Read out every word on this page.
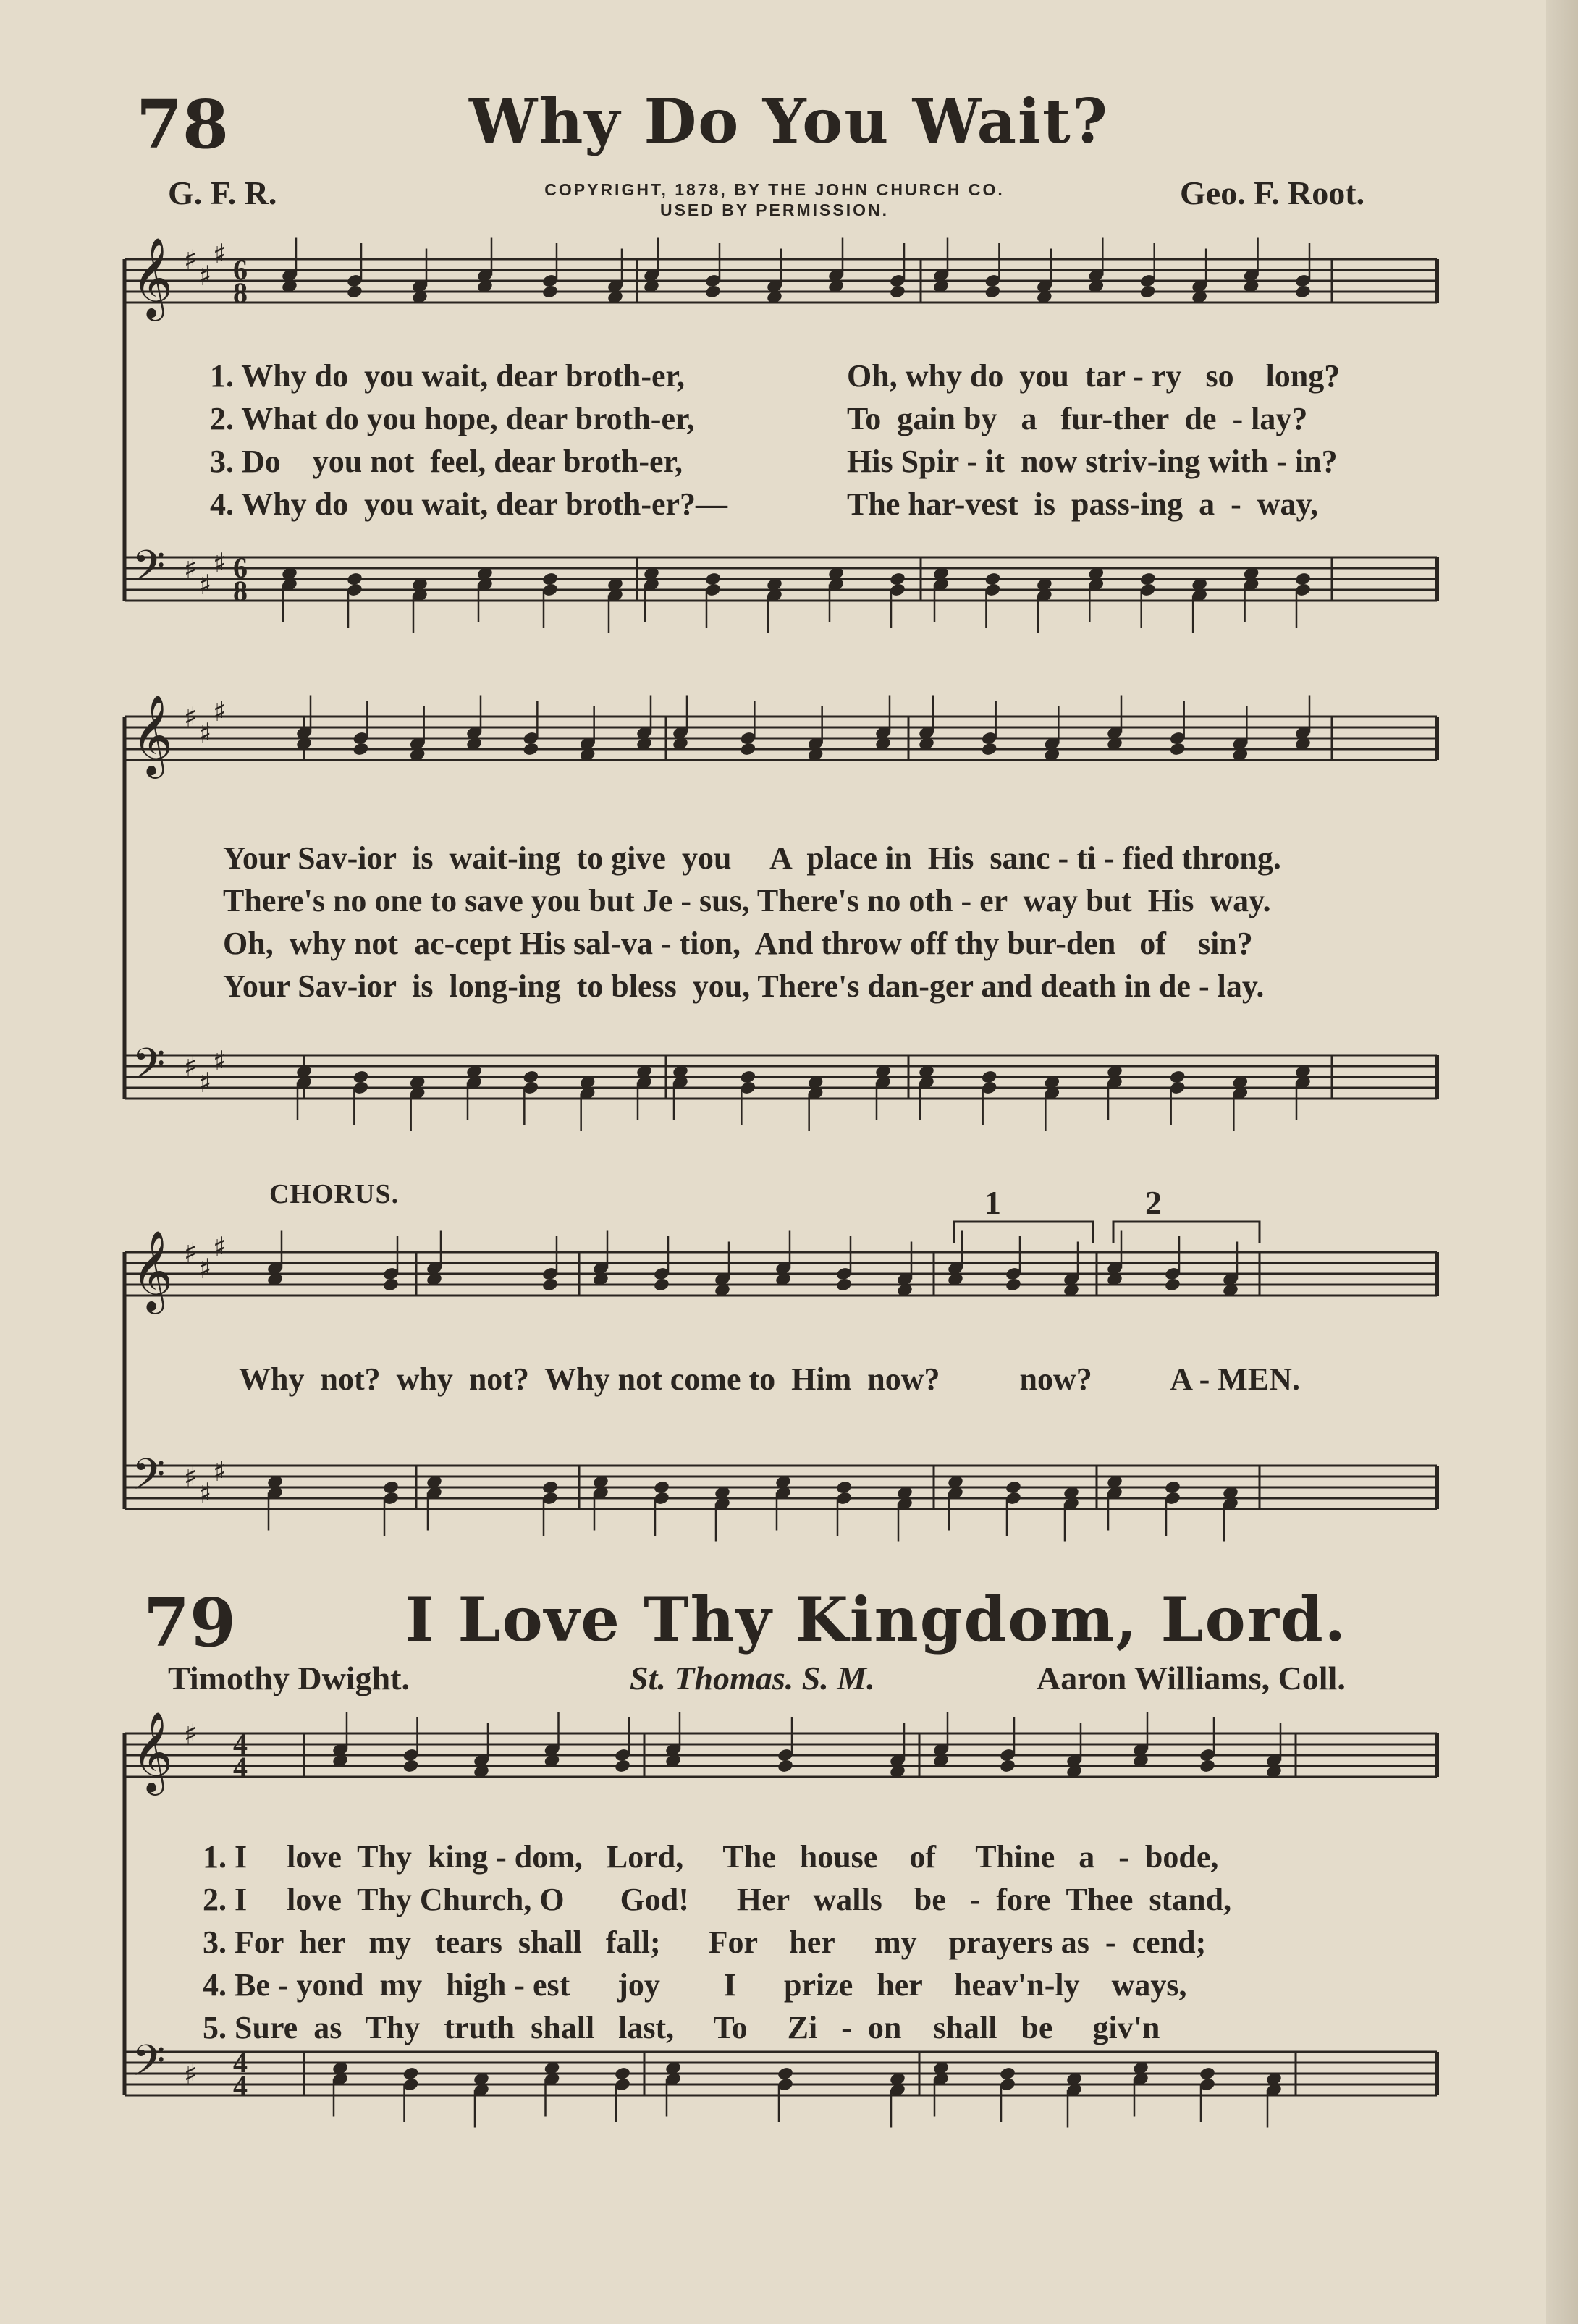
78	Why Do You Wait?
G. F. R.	COPYRIGHT, 1878, BY THE JOHN CHURCH CO.
USED BY PERMISSION.	Geo. F. Root.
𝄞
𝄢
♯ ♯
♯
♯ ♯
♯
6
8
6
8
𝄞
𝄢
♯ ♯
♯
♯ ♯
♯
𝄞
𝄢
♯ ♯
♯
♯ ♯
♯
𝄞
𝄢
♯
♯
4
4
4
4
1. Why do  you wait, dear broth-er,
2. What do you hope, dear broth-er,
3. Do    you not  feel, dear broth-er,
4. Why do  you wait, dear broth-er?—
Oh, why do  you  tar - ry   so    long?
To  gain by   a   fur-ther  de  - lay?
His Spir - it  now striv-ing with - in?
The har-vest  is  pass-ing  a  -  way,
Your Sav-ior  is  wait-ing  to give  you     A  place in  His  sanc - ti - fied throng.
There's no one to save you but Je - sus, There's no oth - er  way but  His  way.
Oh,  why not  ac-cept His sal-va - tion,  And throw off thy bur-den   of    sin?
Your Sav-ior  is  long-ing  to bless  you, There's dan-ger and death in de - lay.
CHORUS.
Why  not?  why  not?  Why not come to  Him  now?          now?          A - MEN.
1	2
79	I Love Thy Kingdom, Lord.
Timothy Dwight.	St. Thomas. S. M.	Aaron Williams, Coll.
1. I     love  Thy  king - dom,   Lord,     The   house    of     Thine   a   -  bode,
2. I     love  Thy Church, O       God!      Her   walls    be   -  fore  Thee  stand,
3. For  her   my   tears  shall   fall;      For    her     my    prayers as  -  cend;
4. Be - yond  my   high - est      joy        I      prize   her    heav'n-ly    ways,
5. Sure  as   Thy   truth  shall   last,     To     Zi   -  on    shall   be     giv'n
